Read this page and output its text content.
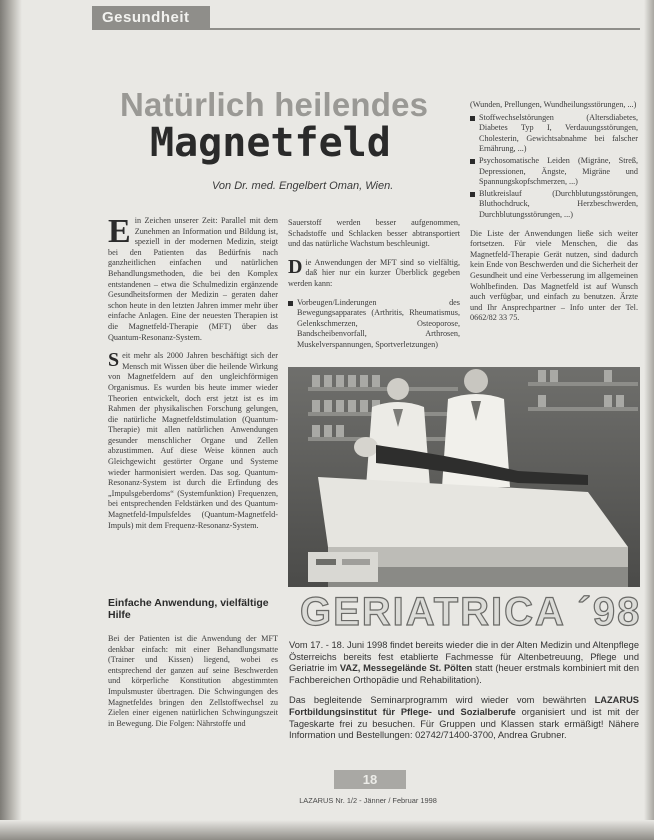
Gesundheit
Natürlich heilendes
Magnetfeld
Von Dr. med. Engelbert Oman, Wien.

Ein Zeichen unserer Zeit: Parallel mit dem Zunehmen an Information und Bildung ist, speziell in der modernen Medizin, steigt bei den Patienten das Bedürfnis nach ganzheitlichen einfachen und natürlichen Behandlungsmethoden, die bei den Komplex entstandenen – etwa die Schulmedizin ergänzende Gesundheitsformen der Medizin – geraten daher schon heute in den letzten Jahren immer mehr über einfache Anlagen. Eine der neuesten Therapien ist die Magnetfeld-Therapie (MFT) über das Quantum-Resonanz-System.

Seit mehr als 2000 Jahren beschäftigt sich der Mensch mit Wissen über die heilende Wirkung von Magnetfeldern auf den ungleichförmigen Organismus. Es wurden bis heute immer wieder Theorien entwickelt, doch erst jetzt ist es im Rahmen der physikalischen Forschung gelungen, die natürliche Magnetfeldstimulation (Quantum-Therapie) mit allen natürlichen Anwendungen gesunder menschlicher Organe und Zellen abzustimmen. Auf diese Weise können auch Gleichgewicht gestörter Organe und Systeme wieder harmonisiert werden. Das sog. Quantum-Resonanz-System ist durch die Erfindung des „Impulsgeberdoms“ (Systemfunktion) Frequenzen, bei entsprechenden Feldstärken und des Quantum-Magnetfeld-Impulsfeldes (Quantum-Magnetfeld-Impuls) mit dem Frequenz-Resonanz-System.

Einfache Anwendung, vielfältige Hilfe

Bei der Patienten ist die Anwendung der MFT denkbar einfach: mit einer Behandlungsmatte (Trainer und Kissen) liegend, wobei es entsprechend der ganzen auf seine Beschwerden und körperliche Konstitution abgestimmten Impulsmuster übertragen. Die Schwingungen des Magnetfeldes bringen den Zellstoffwechsel zu Zielen einer eigenen natürlichen Schwingungszeit in Bewegung. Die Folgen: Nährstoffe und

Sauerstoff werden besser aufgenommen, Schadstoffe und Schlacken besser abtransportiert und das natürliche Wachstum beschleunigt.

Die Anwendungen der MFT sind so vielfältig, daß hier nur ein kurzer Überblick gegeben werden kann:

Vorbeugen/Linderungen des Bewegungsapparates (Arthritis, Rheumatismus, Gelenkschmerzen, Osteoporose, Bandscheibenvorfall, Arthrosen, Muskelverspannungen, Sportverletzungen)

(Wunden, Prellungen, Wundheilungsstörungen, ...)

Stoffwechselstörungen (Altersdiabetes, Diabetes Typ I, Verdauungsstörungen, Cholesterin, Gewichtsabnahme bei falscher Ernährung, ...)
Psychosomatische Leiden (Migräne, Streß, Depressionen, Ängste, Migräne und Spannungskopfschmerzen, ...)
Blutkreislauf (Durchblutungsstörungen, Bluthochdruck, Herzbeschwerden, Durchblutungsstörungen, ...)

Die Liste der Anwendungen ließe sich weiter fortsetzen. Für viele Menschen, die das Magnetfeld-Therapie Gerät nutzen, sind dadurch kein Ende von Beschwerden und die Sicherheit der Gesundheit und eine Verbesserung im allgemeinen Wohlbefinden. Das Magnetfeld ist auf Wunsch auch verfügbar, und einfach zu benutzen. Ärzte und Ihr Ansprechpartner – Info unter der Tel. 0662/82 33 75.

GERIATRICA ´98

Vom 17. - 18. Juni 1998 findet bereits wieder die in der Alten Medizin und Altenpflege Österreichs bereits fest etablierte Fachmesse für Altenbetreuung, Pflege und Geriatrie im VAZ, Messegelände St. Pölten statt (heuer erstmals kombiniert mit den Fachbereichen Orthopädie und Rehabilitation).

Das begleitende Seminarprogramm wird wieder vom bewährten LAZARUS Fortbildungsinstitut für Pflege- und Sozialberufe organisiert und ist mit der Tageskarte frei zu besuchen. Für Gruppen und Klassen stark ermäßigt! Nähere Information und Bestellungen: 02742/71400-3700, Andrea Grubner.

18
LAZARUS Nr. 1/2 - Jänner / Februar 1998
